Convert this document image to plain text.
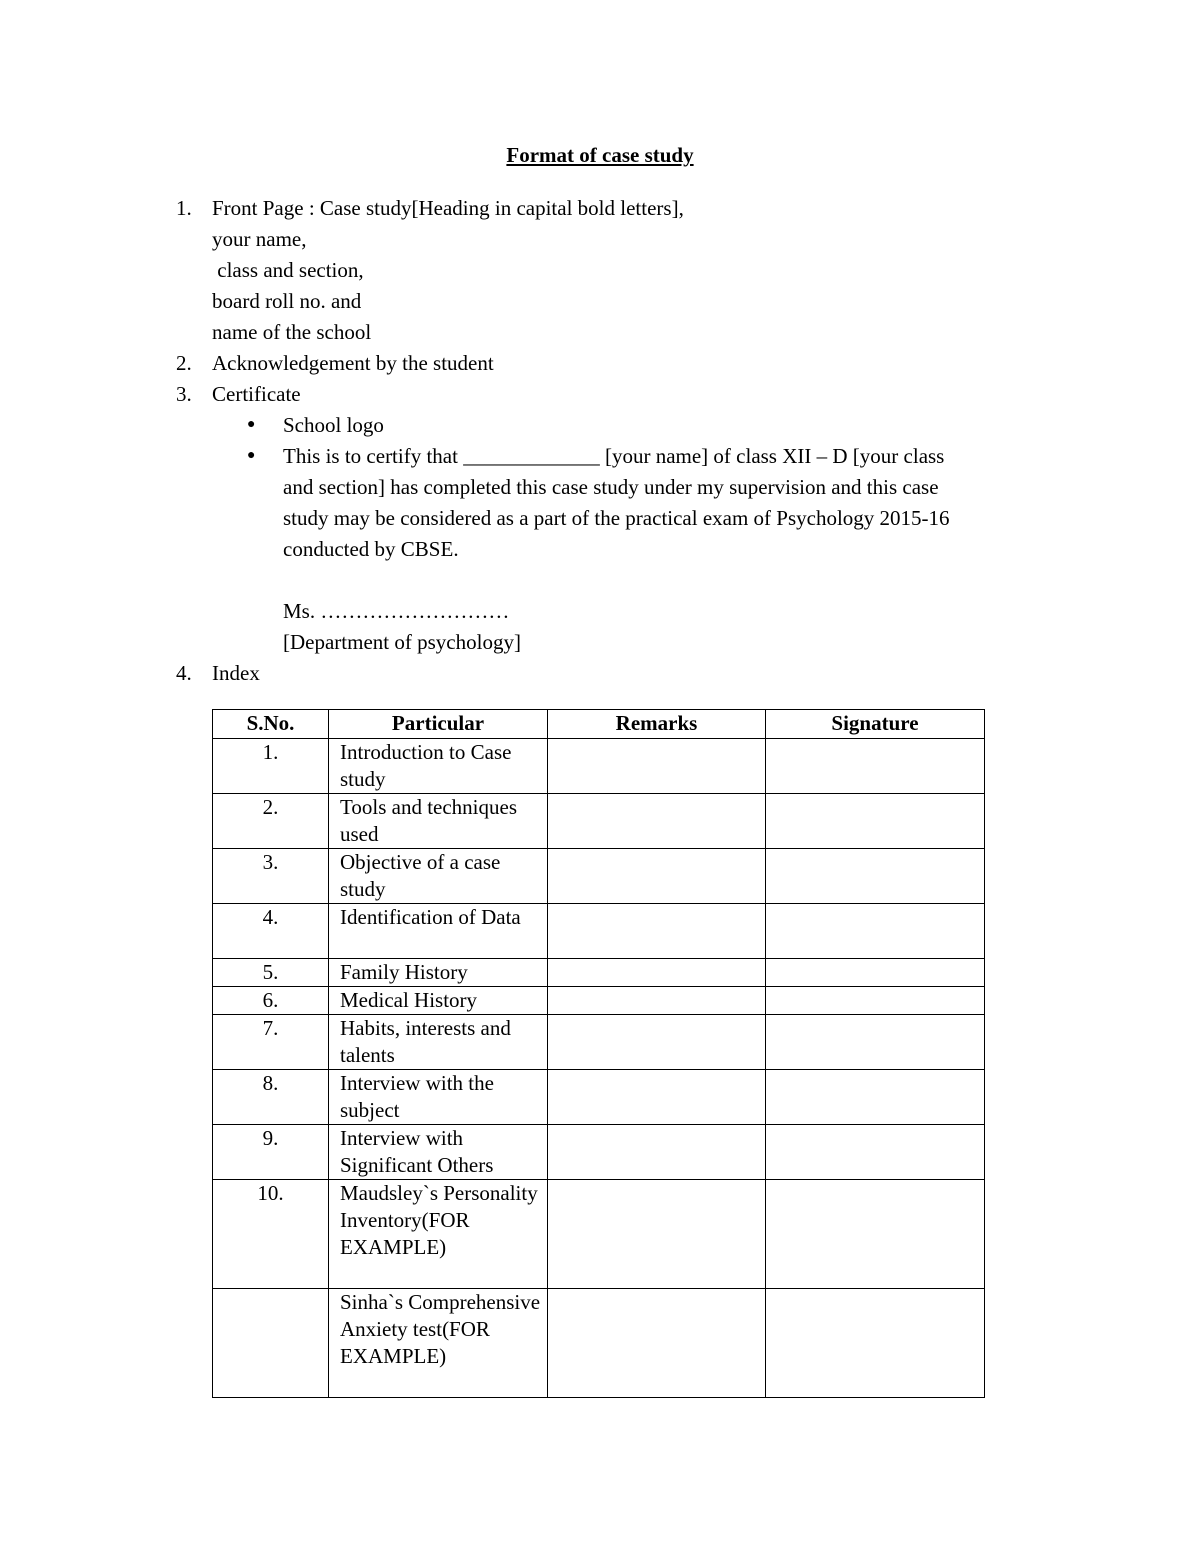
Format of case study
1. Front Page : Case study[Heading in capital bold letters],
your name,
class and section,
board roll no. and
name of the school
2. Acknowledgement by the student
3. Certificate
● School logo
● This is to certify that _____________ [your name] of class XII – D [your class
and section] has completed this case study under my supervision and this case
study may be considered as a part of the practical exam of Psychology 2015-16
conducted by CBSE.
Ms. ………………………
[Department of psychology]
4. Index
S.No.	Particular	Remarks	Signature
1.	Introduction to Case study		
2.	Tools and techniques used		
3.	Objective of a case study		
4.	Identification of Data		
5.	Family History		
6.	Medical History		
7.	Habits, interests and talents		
8.	Interview with the subject		
9.	Interview with Significant Others		
10.	Maudsley`s Personality Inventory(FOR EXAMPLE)		
	Sinha`s Comprehensive Anxiety test(FOR EXAMPLE)		
